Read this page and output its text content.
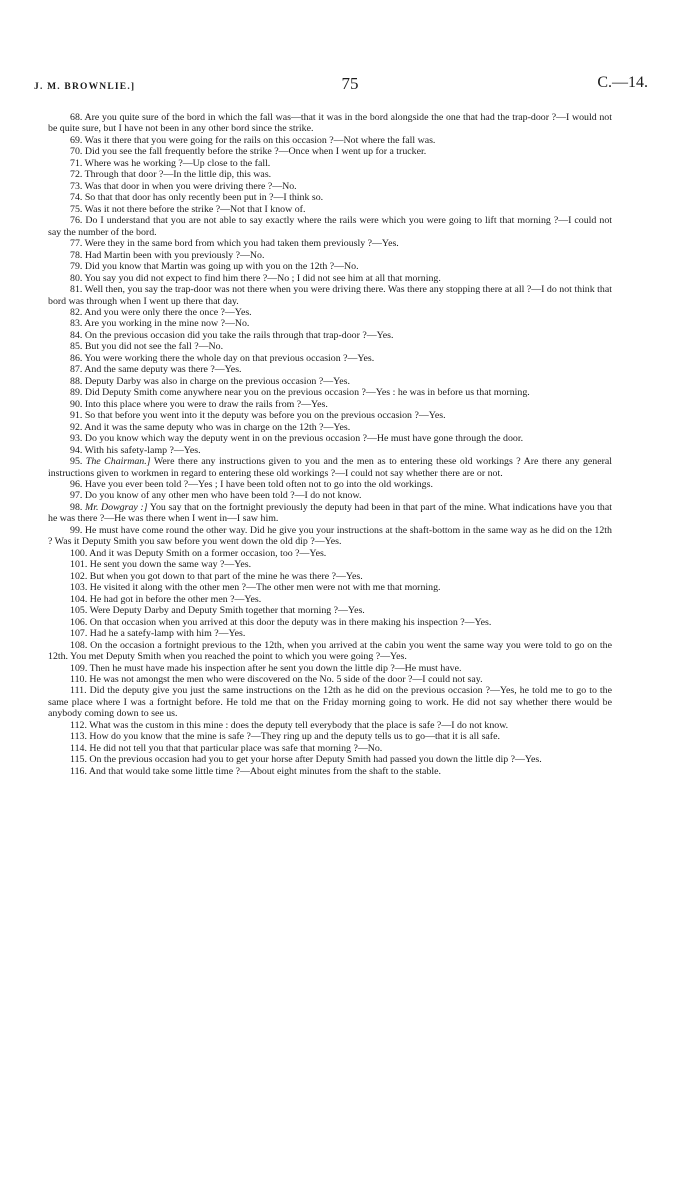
J. M. BROWNLIE.]	75	C.—14.

68. Are you quite sure of the bord in which the fall was—that it was in the bord alongside the one that had the trap-door ?—I would not be quite sure, but I have not been in any other bord since the strike.

69. Was it there that you were going for the rails on this occasion ?—Not where the fall was.

70. Did you see the fall frequently before the strike ?—Once when I went up for a trucker.

71. Where was he working ?—Up close to the fall.

72. Through that door ?—In the little dip, this was.

73. Was that door in when you were driving there ?—No.

74. So that that door has only recently been put in ?—I think so.

75. Was it not there before the strike ?—Not that I know of.

76. Do I understand that you are not able to say exactly where the rails were which you were going to lift that morning ?—I could not say the number of the bord.

77. Were they in the same bord from which you had taken them previously ?—Yes.

78. Had Martin been with you previously ?—No.

79. Did you know that Martin was going up with you on the 12th ?—No.

80. You say you did not expect to find him there ?—No ; I did not see him at all that morning.

81. Well then, you say the trap-door was not there when you were driving there. Was there any stopping there at all ?—I do not think that bord was through when I went up there that day.

82. And you were only there the once ?—Yes.

83. Are you working in the mine now ?—No.

84. On the previous occasion did you take the rails through that trap-door ?—Yes.

85. But you did not see the fall ?—No.

86. You were working there the whole day on that previous occasion ?—Yes.

87. And the same deputy was there ?—Yes.

88. Deputy Darby was also in charge on the previous occasion ?—Yes.

89. Did Deputy Smith come anywhere near you on the previous occasion ?—Yes : he was in before us that morning.

90. Into this place where you were to draw the rails from ?—Yes.

91. So that before you went into it the deputy was before you on the previous occasion ?—Yes.

92. And it was the same deputy who was in charge on the 12th ?—Yes.

93. Do you know which way the deputy went in on the previous occasion ?—He must have gone through the door.

94. With his safety-lamp ?—Yes.

95. The Chairman.] Were there any instructions given to you and the men as to entering these old workings ? Are there any general instructions given to workmen in regard to entering these old workings ?—I could not say whether there are or not.

96. Have you ever been told ?—Yes ; I have been told often not to go into the old workings.

97. Do you know of any other men who have been told ?—I do not know.

98. Mr. Dowgray :] You say that on the fortnight previously the deputy had been in that part of the mine. What indications have you that he was there ?—He was there when I went in—I saw him.

99. He must have come round the other way. Did he give you your instructions at the shaft-bottom in the same way as he did on the 12th ? Was it Deputy Smith you saw before you went down the old dip ?—Yes.

100. And it was Deputy Smith on a former occasion, too ?—Yes.

101. He sent you down the same way ?—Yes.

102. But when you got down to that part of the mine he was there ?—Yes.

103. He visited it along with the other men ?—The other men were not with me that morning.

104. He had got in before the other men ?—Yes.

105. Were Deputy Darby and Deputy Smith together that morning ?—Yes.

106. On that occasion when you arrived at this door the deputy was in there making his inspection ?—Yes.

107. Had he a satefy-lamp with him ?—Yes.

108. On the occasion a fortnight previous to the 12th, when you arrived at the cabin you went the same way you were told to go on the 12th. You met Deputy Smith when you reached the point to which you were going ?—Yes.

109. Then he must have made his inspection after he sent you down the little dip ?—He must have.

110. He was not amongst the men who were discovered on the No. 5 side of the door ?—I could not say.

111. Did the deputy give you just the same instructions on the 12th as he did on the previous occasion ?—Yes, he told me to go to the same place where I was a fortnight before. He told me that on the Friday morning going to work. He did not say whether there would be anybody coming down to see us.

112. What was the custom in this mine : does the deputy tell everybody that the place is safe ?—I do not know.

113. How do you know that the mine is safe ?—They ring up and the deputy tells us to go—that it is all safe.

114. He did not tell you that that particular place was safe that morning ?—No.

115. On the previous occasion had you to get your horse after Deputy Smith had passed you down the little dip ?—Yes.

116. And that would take some little time ?—About eight minutes from the shaft to the stable.
